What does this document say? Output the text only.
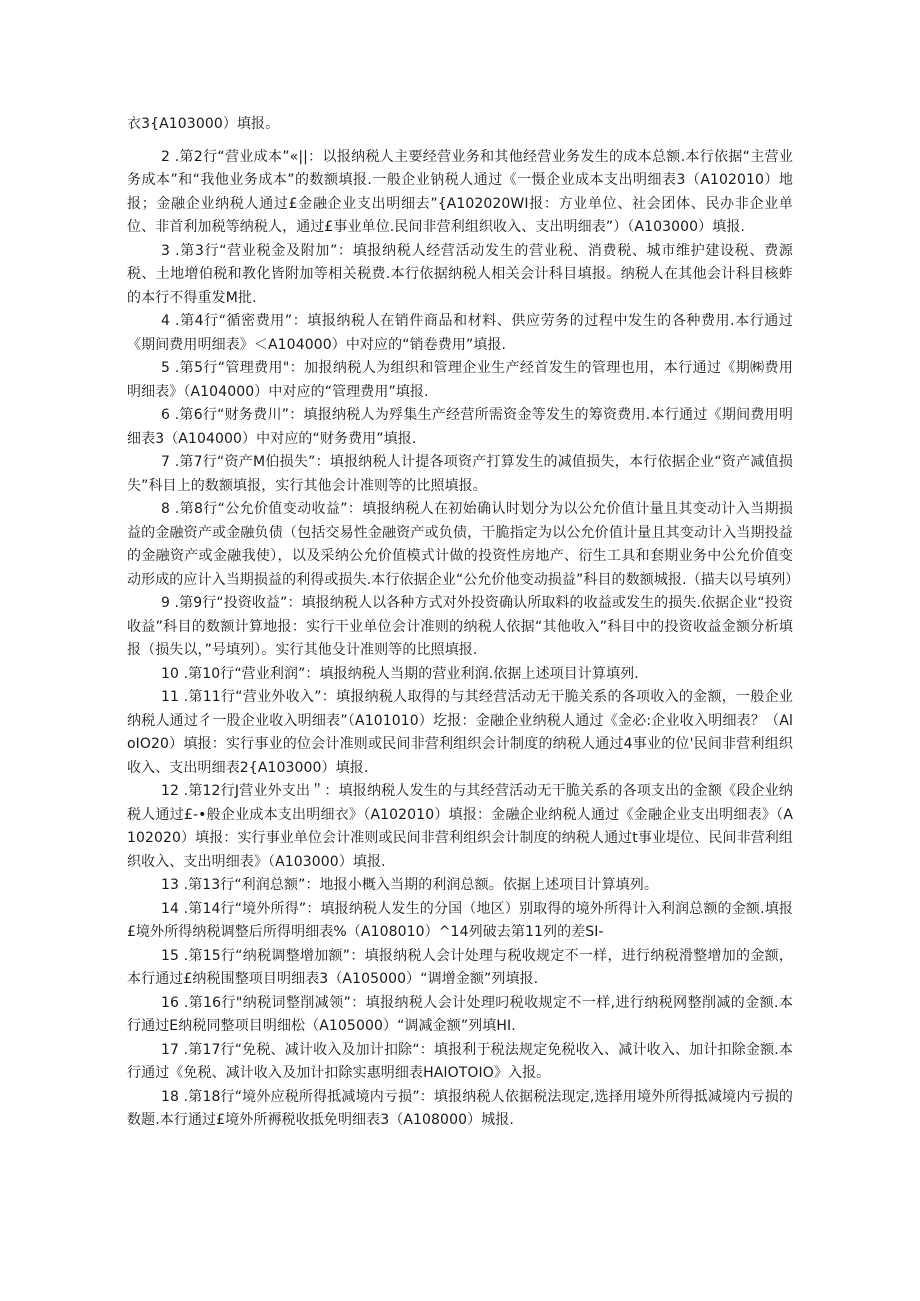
衣3{A103000）填报。

2 .第2行“营业成本”«||：以报纳税人主要经营业务和其他经营业务发生的成本总额.本行依据“主营业务成本”和“我他业务成本”的数额填报.一般企业钠税人通过《一慑企业成本支出明细表3（A102010）地报；金融企业纳税人通过£金融企业支出明细去”{A102020WI报：方业单位、社会团体、民办非企业单位、非首利加税等纳税人，通过£事业单位.民间非营利组织收入、支出明细表”）（A103000）填报.

3 .第3行“营业税金及附加”：填报纳税人经营活动发生的营业税、消费税、城市维护建设税、费源税、土地增伯税和教化皆附加等相关税费.本行依据纳税人相关会计科目填报。纳税人在其他会计科目核蚱的本行不得重发M批.

4 .第4行“循密费用”：填报纳税人在销件商品和材料、供应劳务的过程中发生的各种费用.本行通过《期间费用明细表》＜A104000）中对应的“销卷费用”填报.

5 .第5行“管理费用"：加报纳税人为组织和管理企业生产经首发生的管理也用，本行通过《期㈱费用明细表》（A104000）中对应的“管理费用”填报.

6 .第6行“财务费川”：填报纳税人为殍集生产经营所需资金等发生的筹资费用.本行通过《期间费用明细表3（A104000）中对应的“财务费用”填报.

7 .第7行“资产M伯损失”：填报纳税人计提各项资产打算发生的减值损失，本行依据企业“资产减值损失”科目上的数额填报，实行其他会计准则等的比照填报。

8 .第8行“公允价值变动收益”：填报纳税人在初始确认时划分为以公允价值计量且其变动计入当期损益的金融资产或金融负债（包括交易性金融资产或负债，干脆指定为以公允价值计量且其变动计入当期投益的金融资产或金融我使），以及采纳公允价值模式计做的投资性房地产、衍生工具和套期业务中公允价值变动形成的应计入当期损益的利得或损失.本行依据企业“公允价他变动损益”科目的数额城报.（描夫以号填列）

9 .第9行“投资收益”：填报纳税人以各种方式对外投资确认所取料的收益或发生的损失.依据企业“投资收益”科目的数额计算地报：实行干业单位会计准则的纳税人依据“其他收入”科目中的投资收益金额分析填报（损失以，”号填列）。实行其他殳计准则等的比照填报.

10 .第10行“营业利润”：填报纳税人当期的营业利润.依据上述项目计算填列.

11 .第11行“营业外收入”：填报纳税人取得的与其经营活动无干脆关系的各项收入的金额，一般企业纳税人通过彳一股企业收入明细表”（A101010）圪报：金融企业纳税人通过《金必:企业收入明细表？（AloIO20）填报：实行事业的位会计准则或民间非营利组织会计制度的纳税人通过4事业的位'民间非营利组织收入、支出明细表2{A103000）填报.

12 .第12行J营业外支出＂：填报纳税人发生的与其经营活动无干脆关系的各项支出的金额《段企业纳税人通过£-•般企业成本支出明细衣》（A102010）填报：金融企业纳税人通过《金融企业支出明细表》（A102020）填报：实行事业单位会计准则或民间非营利组织会计制度的纳税人通过t事业堤位、民间非营利组织收入、支出明细表》（A103000）填报.

13 .第13行“利润总额”：地报小概入当期的利润总额。依据上述项目计算填列。

14 .第14行“境外所得”：填报纳税人发生的分国（地区）别取得的境外所得计入利润总额的金额.填报£境外所得纳税调整后所得明细表%（A108010）^14列破去第11列的差SI-

15 .第15行“纳税调整增加额”：填报纳税人会计处理与税收规定不一样，进行纳税滑整增加的金额，本行通过£纳税围整项目明细表3（A105000）“调增金额”列填报.

16 .第16行"纳税词整削减领”：填报纳税人会计处理叼税收规定不一样,进行纳税网整削减的金额.本行通过E纳税同整项目明细松（A105000）“调减金额”列填HI.

17 .第17行“免税、减计收入及加计扣除“：填报利于税法规定免税收入、减计收入、加计扣除金额.本行通过《免税、减计收入及加计扣除实惠明细表HAIOTOIO》入报。

18 .第18行“境外应税所得抵减境内亏损”：填报纳税人依据税法现定,选择用境外所得抵减境内亏损的数题.本行通过£境外所褥税收抵免明细表3（A108000）城报.
